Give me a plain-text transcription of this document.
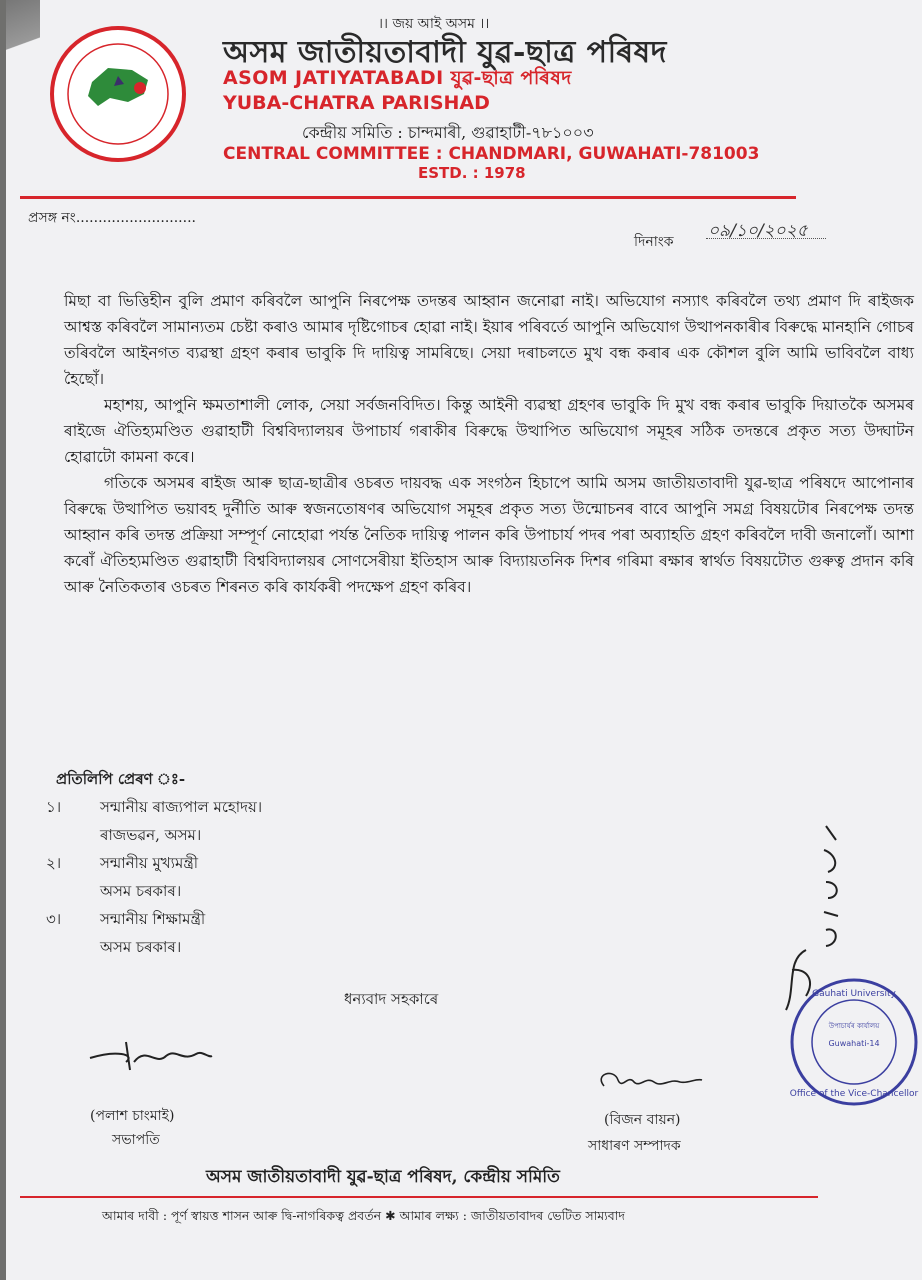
।। জয় আই অসম ।।
অসম জাতীয়তাবাদী যুৱ-ছাত্ৰ পৰিষদ
ASOM JATIYATABADI যুৱ-ছাত্ৰ পৰিষদ
YUBA-CHATRA PARISHAD
কেন্দ্ৰীয় সমিতি : চান্দমাৰী, গুৱাহাটী-৭৮১০০৩
CENTRAL COMMITTEE : CHANDMARI, GUWAHATI-781003
ESTD. : 1978
প্ৰসঙ্গ নং...........................
দিনাংক
০৯/১০/২০২৫

মিছা বা ভিত্তিহীন বুলি প্ৰমাণ কৰিবলৈ আপুনি নিৰপেক্ষ তদন্তৰ আহ্বান জনোৱা নাই। অভিযোগ নস্যাৎ কৰিবলৈ তথ্য প্ৰমাণ দি ৰাইজক আশ্বস্ত কৰিবলৈ সামান্যতম চেষ্টা কৰাও আমাৰ দৃষ্টিগোচৰ হোৱা নাই। ইয়াৰ পৰিবৰ্তে আপুনি অভিযোগ উত্থাপনকাৰীৰ বিৰুদ্ধে মানহানি গোচৰ তৰিবলৈ আইনগত ব্যৱস্থা গ্ৰহণ কৰাৰ ভাবুকি দি দায়িত্ব সামৰিছে। সেয়া দৰাচলতে মুখ বন্ধ কৰাৰ এক কৌশল বুলি আমি ভাবিবলৈ বাধ্য হৈছোঁ।

মহাশয়, আপুনি ক্ষমতাশালী লোক, সেয়া সৰ্বজনবিদিত। কিন্তু আইনী ব্যৱস্থা গ্ৰহণৰ ভাবুকি দি মুখ বন্ধ কৰাৰ ভাবুকি দিয়াতকৈ অসমৰ ৰাইজে ঐতিহ্যমণ্ডিত গুৱাহাটী বিশ্ববিদ্যালয়ৰ উপাচাৰ্য গৰাকীৰ বিৰুদ্ধে উত্থাপিত অভিযোগ সমূহৰ সঠিক তদন্তৰে প্ৰকৃত সত্য উদ্ঘাটন হোৱাটো কামনা কৰে।

গতিকে অসমৰ ৰাইজ আৰু ছাত্ৰ-ছাত্ৰীৰ ওচৰত দায়বদ্ধ এক সংগঠন হিচাপে আমি অসম জাতীয়তাবাদী যুৱ-ছাত্ৰ পৰিষদে আপোনাৰ বিৰুদ্ধে উত্থাপিত ভয়াবহ দুৰ্নীতি আৰু স্বজনতোষণৰ অভিযোগ সমূহৰ প্ৰকৃত সত্য উন্মোচনৰ বাবে আপুনি সমগ্ৰ বিষয়টোৰ নিৰপেক্ষ তদন্ত আহ্বান কৰি তদন্ত প্ৰক্ৰিয়া সম্পূৰ্ণ নোহোৱা পৰ্যন্ত নৈতিক দায়িত্ব পালন কৰি উপাচাৰ্য পদৰ পৰা অব্যাহতি গ্ৰহণ কৰিবলৈ দাবী জনালোঁ। আশা কৰোঁ ঐতিহ্যমণ্ডিত গুৱাহাটী বিশ্ববিদ্যালয়ৰ সোণসেৰীয়া ইতিহাস আৰু বিদ্যায়তনিক দিশৰ গৰিমা ৰক্ষাৰ স্বাৰ্থত বিষয়টোত গুৰুত্ব প্ৰদান কৰি আৰু নৈতিকতাৰ ওচৰত শিৰনত কৰি কাৰ্যকৰী পদক্ষেপ গ্ৰহণ কৰিব।

প্ৰতিলিপি প্ৰেৰণ ঃ-
১।	সন্মানীয় ৰাজ্যপাল মহোদয়।
ৰাজভৱন, অসম।
২।	সন্মানীয় মুখ্যমন্ত্ৰী
অসম চৰকাৰ।
৩।	সন্মানীয় শিক্ষামন্ত্ৰী
অসম চৰকাৰ।
ধন্যবাদ সহকাৰে
(পলাশ চাংমাই)
সভাপতি
(বিজন বায়ন)
সাধাৰণ সম্পাদক
Guwahati-14
Office of the Vice-Chancellor
Gauhati University
উপাচাৰ্যৰ কাৰ্যালয়
অসম জাতীয়তাবাদী যুৱ-ছাত্ৰ পৰিষদ, কেন্দ্ৰীয় সমিতি
আমাৰ দাবী : পূৰ্ণ স্বায়ত্ত শাসন আৰু দ্বি-নাগৰিকত্ব প্ৰবৰ্তন ✱ আমাৰ লক্ষ্য : জাতীয়তাবাদৰ ভেটিত সাম্যবাদ
